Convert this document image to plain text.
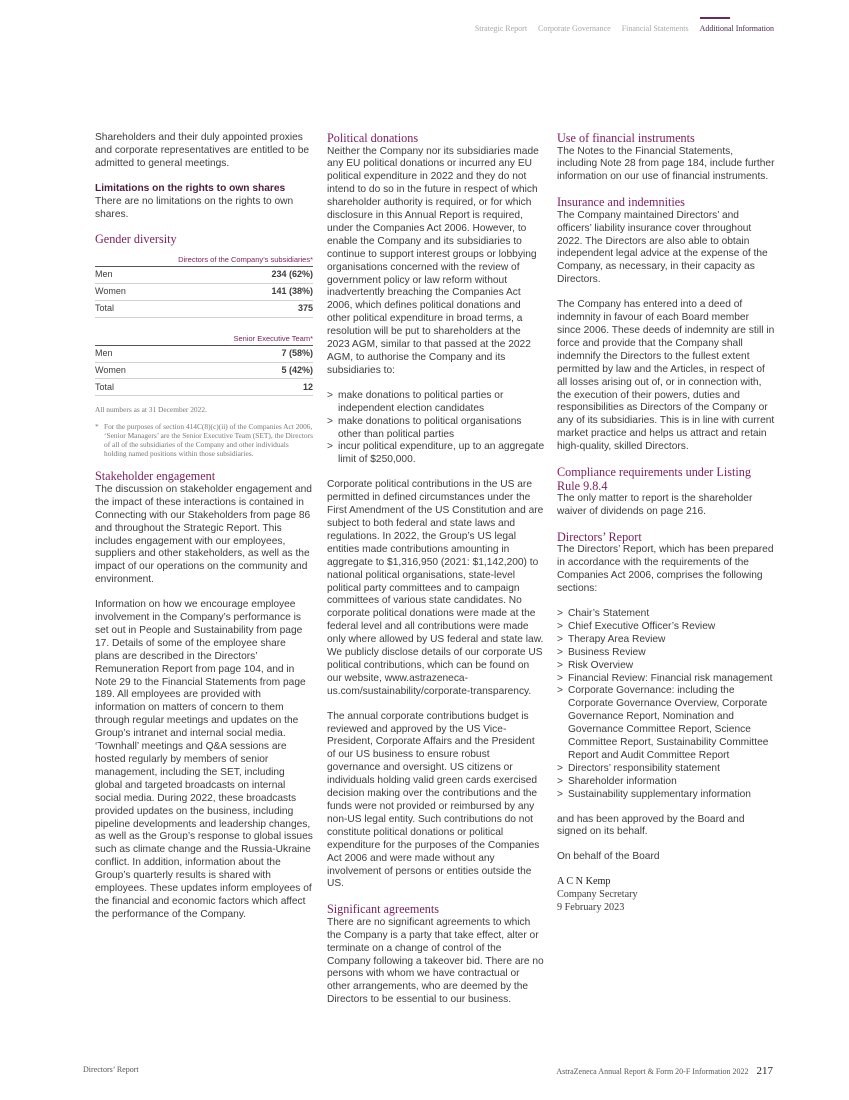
Strategic Report Corporate Governance Financial Statements Additional Information

Shareholders and their duly appointed proxies and corporate representatives are entitled to be admitted to general meetings.

Limitations on the rights to own shares

There are no limitations on the rights to own shares.

Gender diversity
	Directors of the Company’s subsidiaries*
Men	234 (62%)
Women	141 (38%)
Total	375
	Senior Executive Team*
Men	7 (58%)
Women	5 (42%)
Total	12
All numbers as at 31 December 2022.
* For the purposes of section 414C(8)(c)(ii) of the Companies Act 2006, ‘Senior Managers’ are the Senior Executive Team (SET), the Directors of all of the subsidiaries of the Company and other individuals holding named positions within those subsidiaries.
Stakeholder engagement

The discussion on stakeholder engagement and the impact of these interactions is contained in Connecting with our Stakeholders from page 86 and throughout the Strategic Report. This includes engagement with our employees, suppliers and other stakeholders, as well as the impact of our operations on the community and environment.

Information on how we encourage employee involvement in the Company’s performance is set out in People and Sustainability from page 17. Details of some of the employee share plans are described in the Directors’ Remuneration Report from page 104, and in Note 29 to the Financial Statements from page 189. All employees are provided with information on matters of concern to them through regular meetings and updates on the Group’s intranet and internal social media. ‘Townhall’ meetings and Q&A sessions are hosted regularly by members of senior management, including the SET, including global and targeted broadcasts on internal social media. During 2022, these broadcasts provided updates on the business, including pipeline developments and leadership changes, as well as the Group’s response to global issues such as climate change and the Russia-Ukraine conflict. In addition, information about the Group’s quarterly results is shared with employees. These updates inform employees of the financial and economic factors which affect the performance of the Company.

Political donations

Neither the Company nor its subsidiaries made any EU political donations or incurred any EU political expenditure in 2022 and they do not intend to do so in the future in respect of which shareholder authority is required, or for which disclosure in this Annual Report is required, under the Companies Act 2006. However, to enable the Company and its subsidiaries to continue to support interest groups or lobbying organisations concerned with the review of government policy or law reform without inadvertently breaching the Companies Act 2006, which defines political donations and other political expenditure in broad terms, a resolution will be put to shareholders at the 2023 AGM, similar to that passed at the 2022 AGM, to authorise the Company and its subsidiaries to:

> make donations to political parties or independent election candidates
> make donations to political organisations other than political parties
> incur political expenditure, up to an aggregate limit of $250,000.

Corporate political contributions in the US are permitted in defined circumstances under the First Amendment of the US Constitution and are subject to both federal and state laws and regulations. In 2022, the Group’s US legal entities made contributions amounting in aggregate to $1,316,950 (2021: $1,142,200) to national political organisations, state-level political party committees and to campaign committees of various state candidates. No corporate political donations were made at the federal level and all contributions were made only where allowed by US federal and state law. We publicly disclose details of our corporate US political contributions, which can be found on our website, www.astrazeneca-us.com/sustainability/corporate-transparency.

The annual corporate contributions budget is reviewed and approved by the US Vice-President, Corporate Affairs and the President of our US business to ensure robust governance and oversight. US citizens or individuals holding valid green cards exercised decision making over the contributions and the funds were not provided or reimbursed by any non-US legal entity. Such contributions do not constitute political donations or political expenditure for the purposes of the Companies Act 2006 and were made without any involvement of persons or entities outside the US.

Significant agreements

There are no significant agreements to which the Company is a party that take effect, alter or terminate on a change of control of the Company following a takeover bid. There are no persons with whom we have contractual or other arrangements, who are deemed by the Directors to be essential to our business.

Use of financial instruments

The Notes to the Financial Statements, including Note 28 from page 184, include further information on our use of financial instruments.

Insurance and indemnities

The Company maintained Directors’ and officers’ liability insurance cover throughout 2022. The Directors are also able to obtain independent legal advice at the expense of the Company, as necessary, in their capacity as Directors.

The Company has entered into a deed of indemnity in favour of each Board member since 2006. These deeds of indemnity are still in force and provide that the Company shall indemnify the Directors to the fullest extent permitted by law and the Articles, in respect of all losses arising out of, or in connection with, the execution of their powers, duties and responsibilities as Directors of the Company or any of its subsidiaries. This is in line with current market practice and helps us attract and retain high-quality, skilled Directors.

Compliance requirements under Listing Rule 9.8.4

The only matter to report is the shareholder waiver of dividends on page 216.

Directors’ Report

The Directors’ Report, which has been prepared in accordance with the requirements of the Companies Act 2006, comprises the following sections:

> Chair’s Statement
> Chief Executive Officer’s Review
> Therapy Area Review
> Business Review
> Risk Overview
> Financial Review: Financial risk management
> Corporate Governance: including the Corporate Governance Overview, Corporate Governance Report, Nomination and Governance Committee Report, Science Committee Report, Sustainability Committee Report and Audit Committee Report
> Directors’ responsibility statement
> Shareholder information
> Sustainability supplementary information

and has been approved by the Board and signed on its behalf.

On behalf of the Board

A C N Kemp
Company Secretary
9 February 2023
Directors’ Report	AstraZeneca Annual Report & Form 20-F Information 2022 217
